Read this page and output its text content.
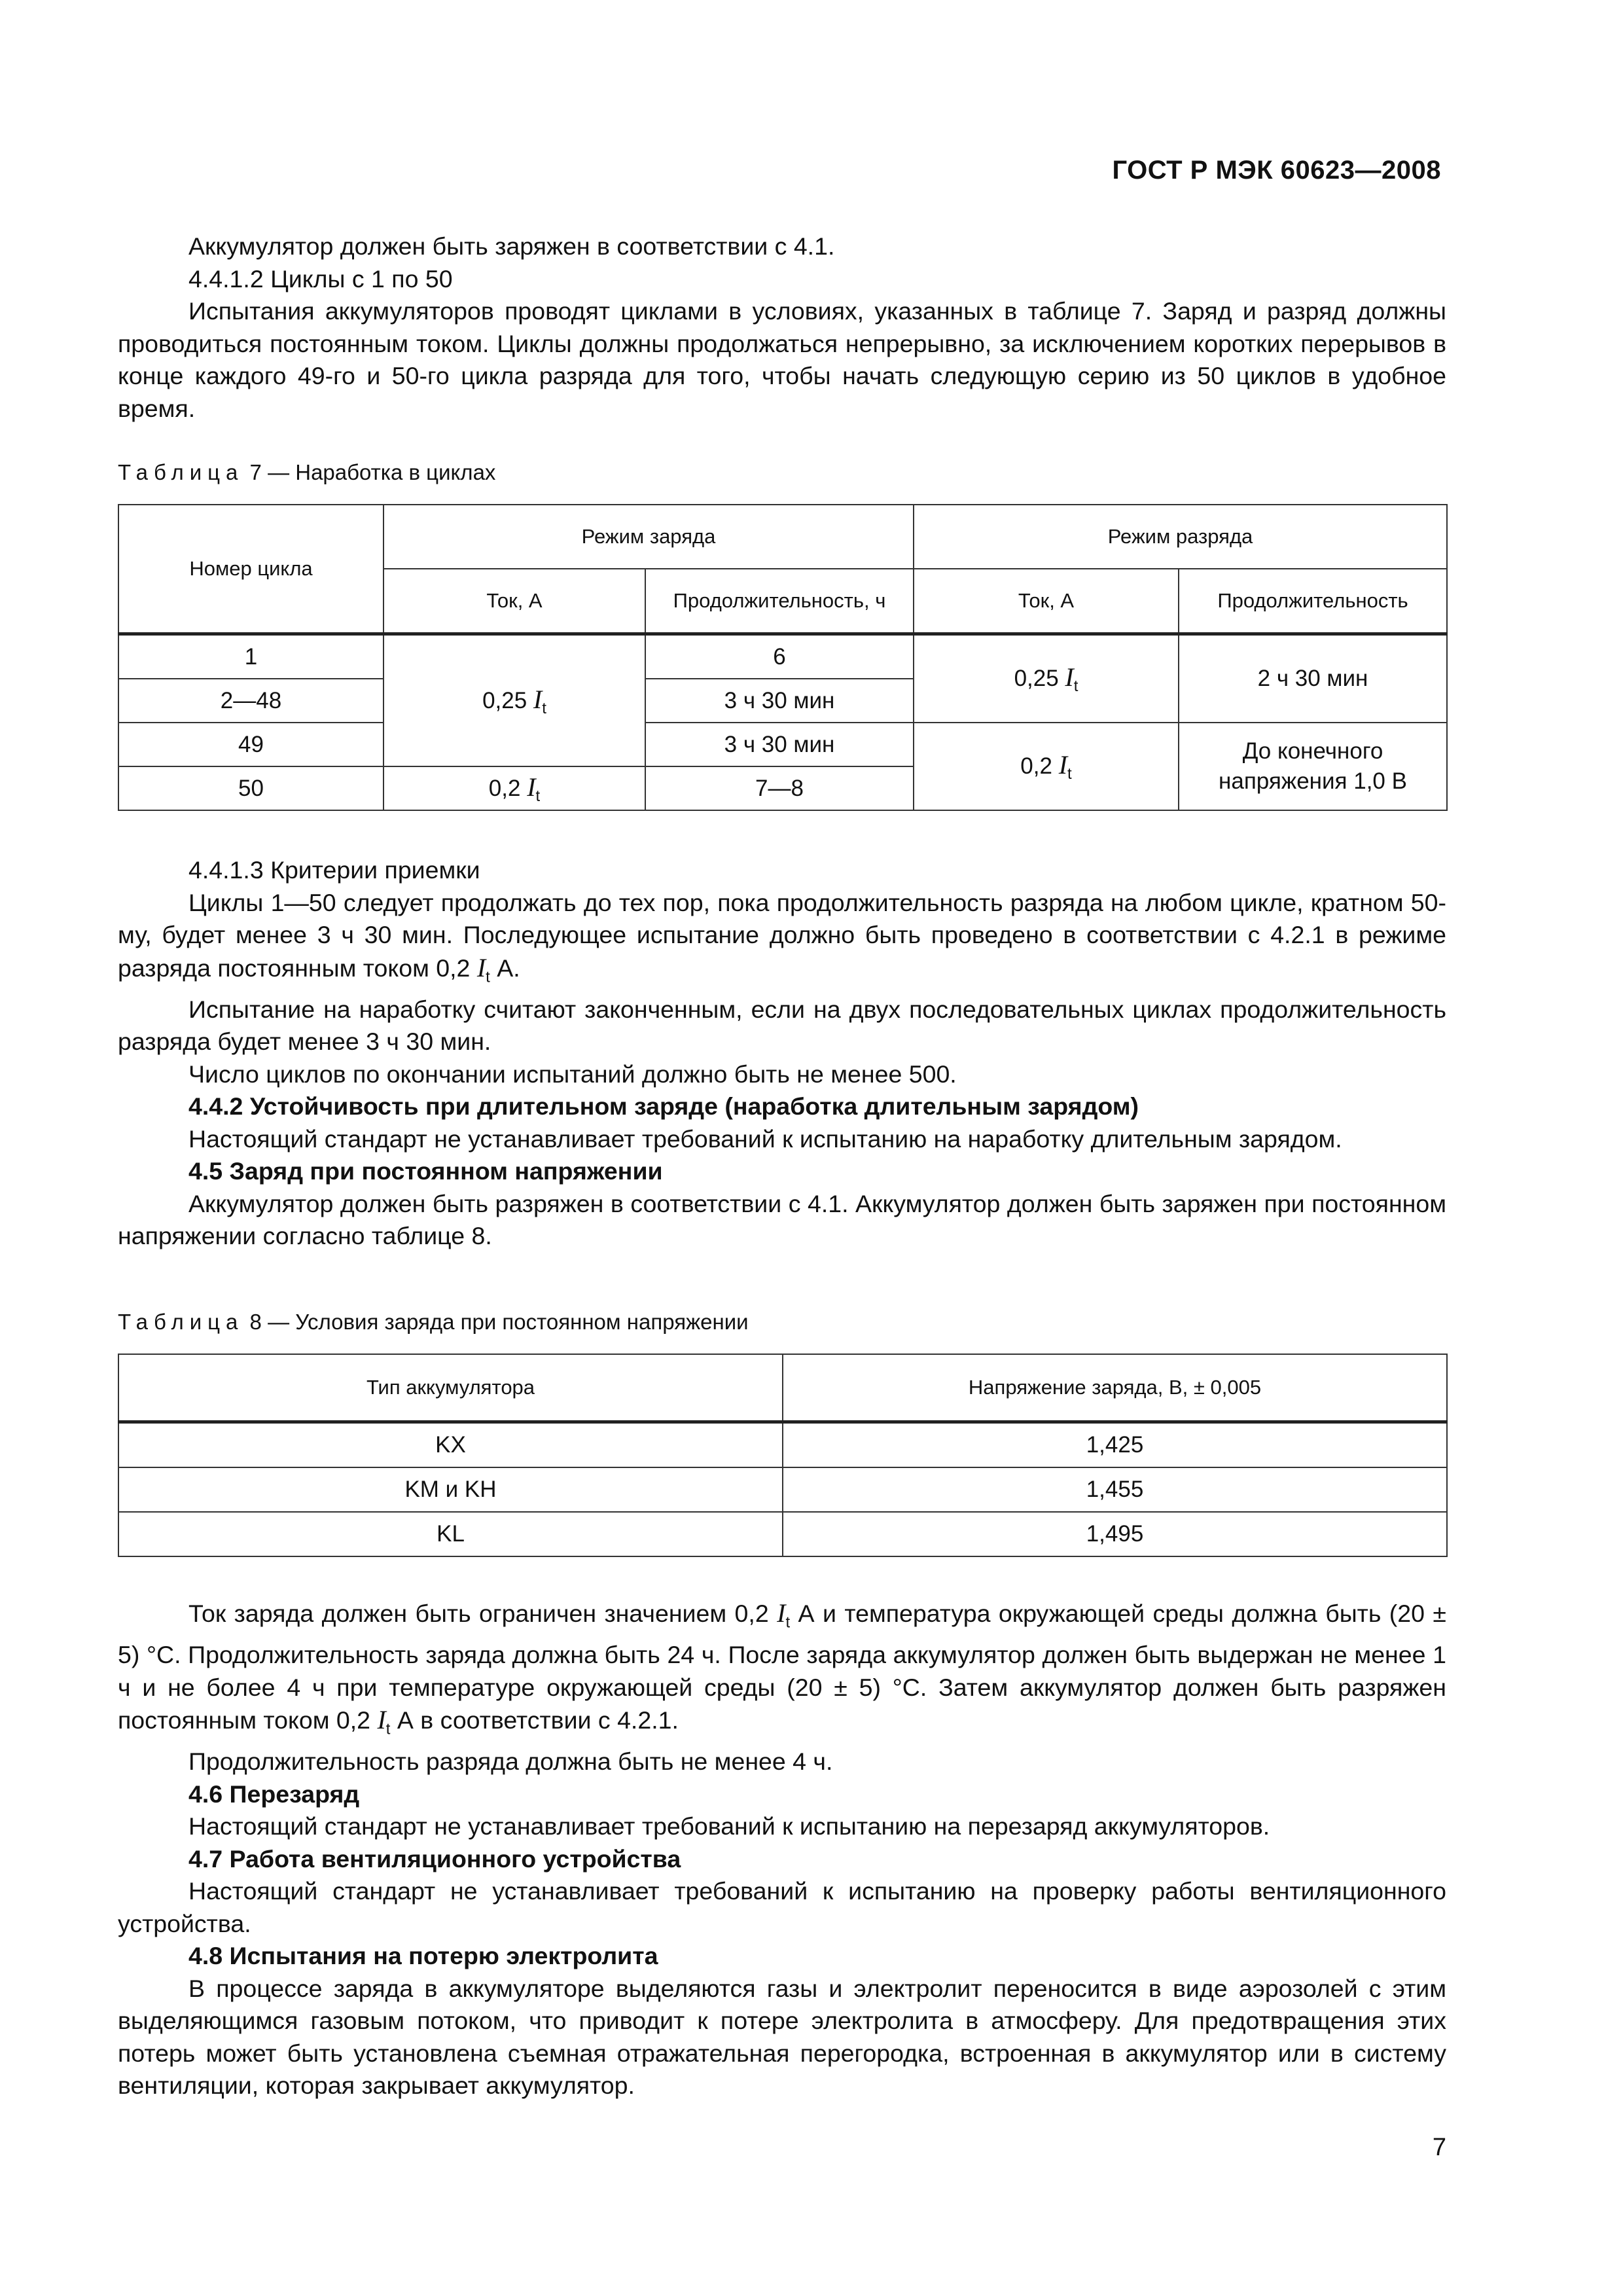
ГОСТ Р МЭК 60623—2008

Аккумулятор должен быть заряжен в соответствии с 4.1.

4.4.1.2 Циклы с 1 по 50

Испытания аккумуляторов проводят циклами в условиях, указанных в таблице 7. Заряд и разряд должны проводиться постоянным током. Циклы должны продолжаться непрерывно, за исключением коротких перерывов в конце каждого 49-го и 50-го цикла разряда для того, чтобы начать следующую серию из 50 циклов в удобное время.

Таблица 7 — Наработка в циклах

Номер цикла	Режим заряда		Режим разряда	
	Ток, А	Продолжительность, ч	Ток, А	Продолжительность
1	0,25 $I_t$	6	0,25 $I_t$	2 ч 30 мин
2—48		3 ч 30 мин		
49		3 ч 30 мин	0,2 $I_t$	До конечного напряжения 1,0 В
50	0,2 $I_t$	7—8		

4.4.1.3 Критерии приемки

Циклы 1—50 следует продолжать до тех пор, пока продолжительность разряда на любом цикле, кратном 50-му, будет менее 3 ч 30 мин. Последующее испытание должно быть проведено в соответствии с 4.2.1 в режиме разряда постоянным током 0,2 $I_t$ А.

Испытание на наработку считают законченным, если на двух последовательных циклах продолжительность разряда будет менее 3 ч 30 мин.

Число циклов по окончании испытаний должно быть не менее 500.

4.4.2 Устойчивость при длительном заряде (наработка длительным зарядом)

Настоящий стандарт не устанавливает требований к испытанию на наработку длительным зарядом.

4.5 Заряд при постоянном напряжении

Аккумулятор должен быть разряжен в соответствии с 4.1. Аккумулятор должен быть заряжен при постоянном напряжении согласно таблице 8.

Таблица 8 — Условия заряда при постоянном напряжении

Тип аккумулятора	Напряжение заряда, В, ± 0,005
KX	1,425
KM и KH	1,455
KL	1,495

Ток заряда должен быть ограничен значением 0,2 $I_t$ А и температура окружающей среды должна быть (20 ± 5) °C. Продолжительность заряда должна быть 24 ч. После заряда аккумулятор должен быть выдержан не менее 1 ч и не более 4 ч при температуре окружающей среды (20 ± 5) °C. Затем аккумулятор должен быть разряжен постоянным током 0,2 $I_t$ А в соответствии с 4.2.1.

Продолжительность разряда должна быть не менее 4 ч.

4.6 Перезаряд

Настоящий стандарт не устанавливает требований к испытанию на перезаряд аккумуляторов.

4.7 Работа вентиляционного устройства

Настоящий стандарт не устанавливает требований к испытанию на проверку работы вентиляционного устройства.

4.8 Испытания на потерю электролита

В процессе заряда в аккумуляторе выделяются газы и электролит переносится в виде аэрозолей с этим выделяющимся газовым потоком, что приводит к потере электролита в атмосферу. Для предотвращения этих потерь может быть установлена съемная отражательная перегородка, встроенная в аккумулятор или в систему вентиляции, которая закрывает аккумулятор.

7
